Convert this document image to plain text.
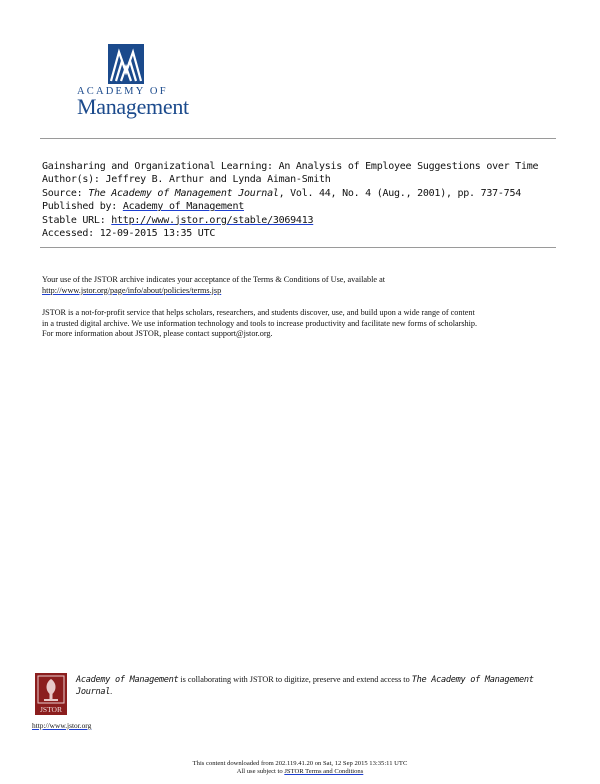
ACADEMY OF
Management
Gainsharing and Organizational Learning: An Analysis of Employee Suggestions over Time
Author(s): Jeffrey B. Arthur and Lynda Aiman-Smith
Source: The Academy of Management Journal, Vol. 44, No. 4 (Aug., 2001), pp. 737-754
Published by: Academy of Management
Stable URL: http://www.jstor.org/stable/3069413
Accessed: 12-09-2015 13:35 UTC
Your use of the JSTOR archive indicates your acceptance of the Terms & Conditions of Use, available at http://www.jstor.org/page/info/about/policies/terms.jsp
JSTOR is a not-for-profit service that helps scholars, researchers, and students discover, use, and build upon a wide range of content
in a trusted digital archive. We use information technology and tools to increase productivity and facilitate new forms of scholarship.
For more information about JSTOR, please contact support@jstor.org.
JSTOR
Academy of Management is collaborating with JSTOR to digitize, preserve and extend access to The Academy of Management Journal.
http://www.jstor.org
This content downloaded from 202.119.41.20 on Sat, 12 Sep 2015 13:35:11 UTC
All use subject to JSTOR Terms and Conditions
